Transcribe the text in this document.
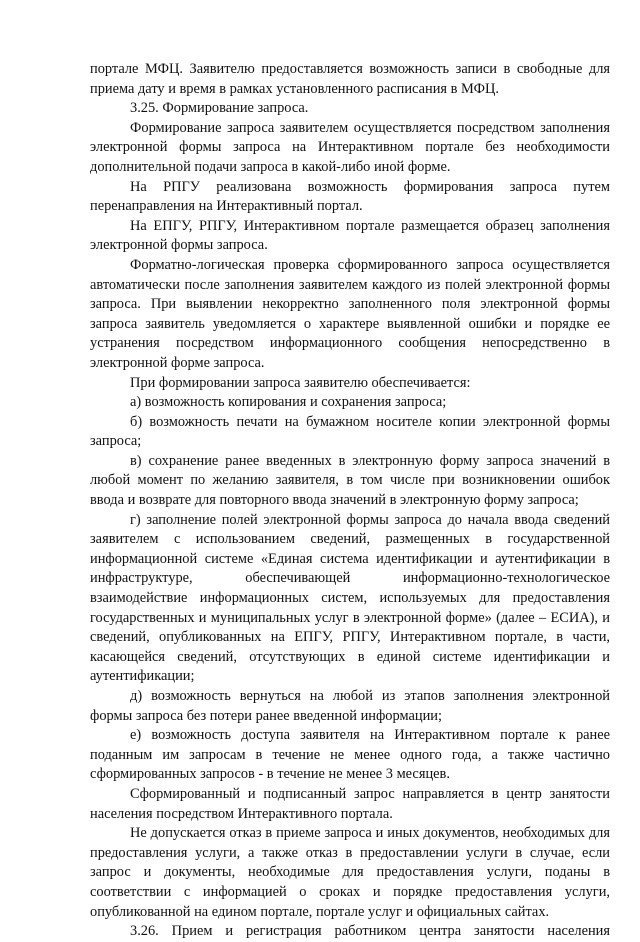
портале МФЦ. Заявителю предоставляется возможность записи в свободные для приема дату и время в рамках установленного расписания в МФЦ.

3.25. Формирование запроса.

Формирование запроса заявителем осуществляется посредством заполнения электронной формы запроса на Интерактивном портале без необходимости дополнительной подачи запроса в какой-либо иной форме.

На РПГУ реализована возможность формирования запроса путем перенаправления на Интерактивный портал.

На ЕПГУ, РПГУ, Интерактивном портале размещается образец заполнения электронной формы запроса.

Форматно-логическая проверка сформированного запроса осуществляется автоматически после заполнения заявителем каждого из полей электронной формы запроса. При выявлении некорректно заполненного поля электронной формы запроса заявитель уведомляется о характере выявленной ошибки и порядке ее устранения посредством информационного сообщения непосредственно в электронной форме запроса.

При формировании запроса заявителю обеспечивается:

а) возможность копирования и сохранения запроса;

б) возможность печати на бумажном носителе копии электронной формы запроса;

в) сохранение ранее введенных в электронную форму запроса значений в любой момент по желанию заявителя, в том числе при возникновении ошибок ввода и возврате для повторного ввода значений в электронную форму запроса;

г) заполнение полей электронной формы запроса до начала ввода сведений заявителем с использованием сведений, размещенных в государственной информационной системе «Единая система идентификации и аутентификации в инфраструктуре, обеспечивающей информационно-технологическое взаимодействие информационных систем, используемых для предоставления государственных и муниципальных услуг в электронной форме» (далее – ЕСИА), и сведений, опубликованных на ЕПГУ, РПГУ, Интерактивном портале, в части, касающейся сведений, отсутствующих в единой системе идентификации и аутентификации;

д) возможность вернуться на любой из этапов заполнения электронной формы запроса без потери ранее введенной информации;

е) возможность доступа заявителя на Интерактивном портале к ранее поданным им запросам в течение не менее одного года, а также частично сформированных запросов - в течение не менее 3 месяцев.

Сформированный и подписанный запрос направляется в центр занятости населения посредством Интерактивного портала.

Не допускается отказ в приеме запроса и иных документов, необходимых для предоставления услуги, а также отказ в предоставлении услуги в случае, если запрос и документы, необходимые для предоставления услуги, поданы в соответствии с информацией о сроках и порядке предоставления услуги, опубликованной на едином портале, портале услуг и официальных сайтах.

3.26. Прием и регистрация работником центра занятости населения
